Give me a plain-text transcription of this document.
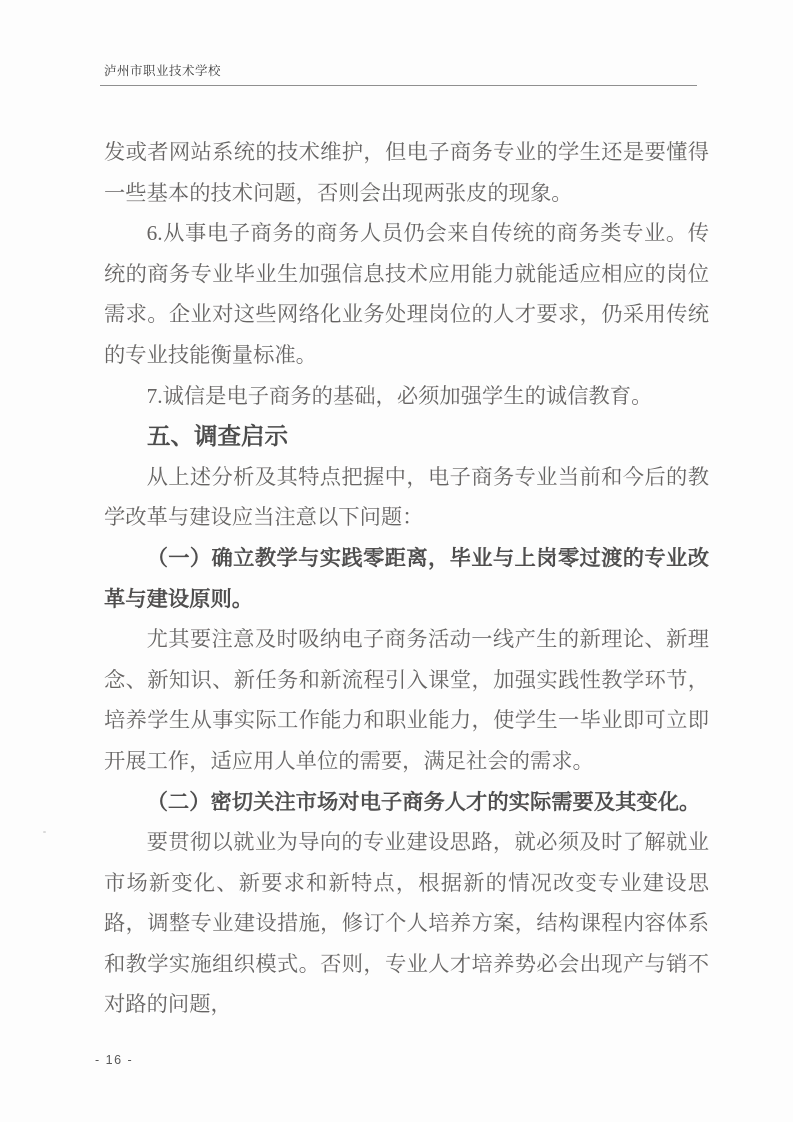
泸州市职业技术学校

发或者网站系统的技术维护，但电子商务专业的学生还是要懂得一些基本的技术问题，否则会出现两张皮的现象。

6.从事电子商务的商务人员仍会来自传统的商务类专业。传统的商务专业毕业生加强信息技术应用能力就能适应相应的岗位需求。企业对这些网络化业务处理岗位的人才要求，仍采用传统的专业技能衡量标准。

7.诚信是电子商务的基础，必须加强学生的诚信教育。

五、调查启示

从上述分析及其特点把握中，电子商务专业当前和今后的教学改革与建设应当注意以下问题：

（一）确立教学与实践零距离，毕业与上岗零过渡的专业改革与建设原则。

尤其要注意及时吸纳电子商务活动一线产生的新理论、新理念、新知识、新任务和新流程引入课堂，加强实践性教学环节，培养学生从事实际工作能力和职业能力，使学生一毕业即可立即开展工作，适应用人单位的需要，满足社会的需求。

（二）密切关注市场对电子商务人才的实际需要及其变化。

要贯彻以就业为导向的专业建设思路，就必须及时了解就业市场新变化、新要求和新特点，根据新的情况改变专业建设思路，调整专业建设措施，修订个人培养方案，结构课程内容体系和教学实施组织模式。否则，专业人才培养势必会出现产与销不对路的问题，

- 16 -
